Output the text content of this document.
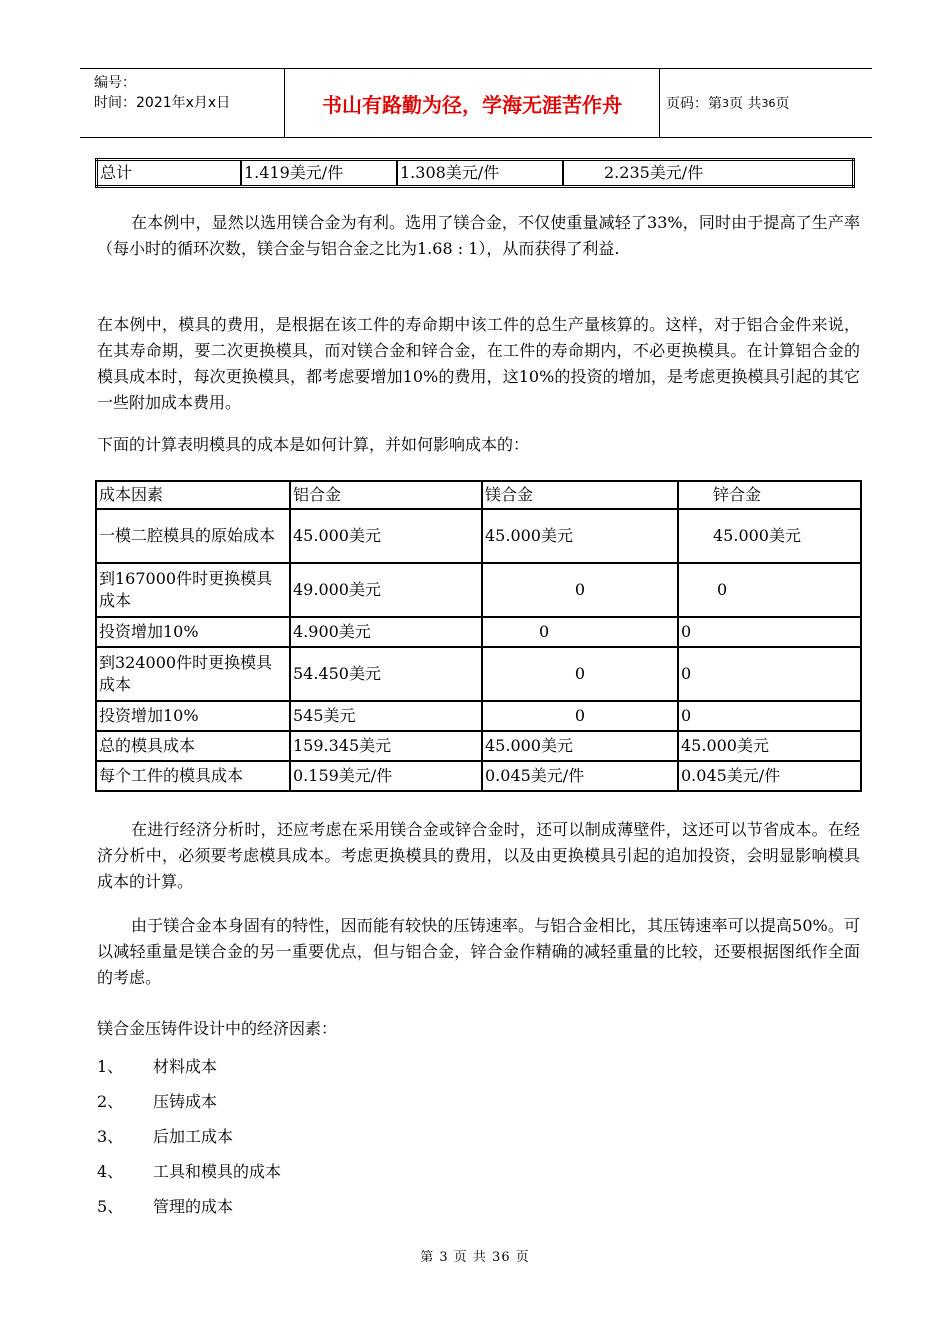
编号：
时间：2021年x月x日	书山有路勤为径，学海无涯苦作舟	页码：第 3 页 共 36 页
总计	1.419美元/件	1.308美元/件	2.235美元/件
在本例中，显然以选用镁合金为有利。选用了镁合金，不仅使重量减轻了33%，同时由于提高了生产率（每小时的循环次数，镁合金与铝合金之比为1.68 : 1），从而获得了利益.
在本例中，模具的费用，是根据在该工件的寿命期中该工件的总生产量核算的。这样，对于铝合金件来说，在其寿命期，要二次更换模具，而对镁合金和锌合金，在工件的寿命期内，不必更换模具。在计算铝合金的模具成本时，每次更换模具，都考虑要增加10%的费用，这10%的投资的增加，是考虑更换模具引起的其它一些附加成本费用。
下面的计算表明模具的成本是如何计算，并如何影响成本的：
成本因素	铝合金	镁合金	锌合金
一模二腔模具的原始成本	45.000美元	45.000美元	45.000美元
到167000件时更换模具成本	49.000美元	0	0
投资增加10%	4.900美元	0	0
到324000件时更换模具成本	54.450美元	0	0
投资增加10%	545美元	0	0
总的模具成本	159.345美元	45.000美元	45.000美元
每个工件的模具成本	0.159美元/件	0.045美元/件	0.045美元/件
在进行经济分析时，还应考虑在采用镁合金或锌合金时，还可以制成薄壁件，这还可以节省成本。在经济分析中，必须要考虑模具成本。考虑更换模具的费用，以及由更换模具引起的追加投资，会明显影响模具成本的计算。
由于镁合金本身固有的特性，因而能有较快的压铸速率。与铝合金相比，其压铸速率可以提高50%。可以减轻重量是镁合金的另一重要优点，但与铝合金，锌合金作精确的减轻重量的比较，还要根据图纸作全面的考虑。
镁合金压铸件设计中的经济因素：
1、 材料成本
2、 压铸成本
3、 后加工成本
4、 工具和模具的成本
5、 管理的成本
第 3 页 共 36 页
